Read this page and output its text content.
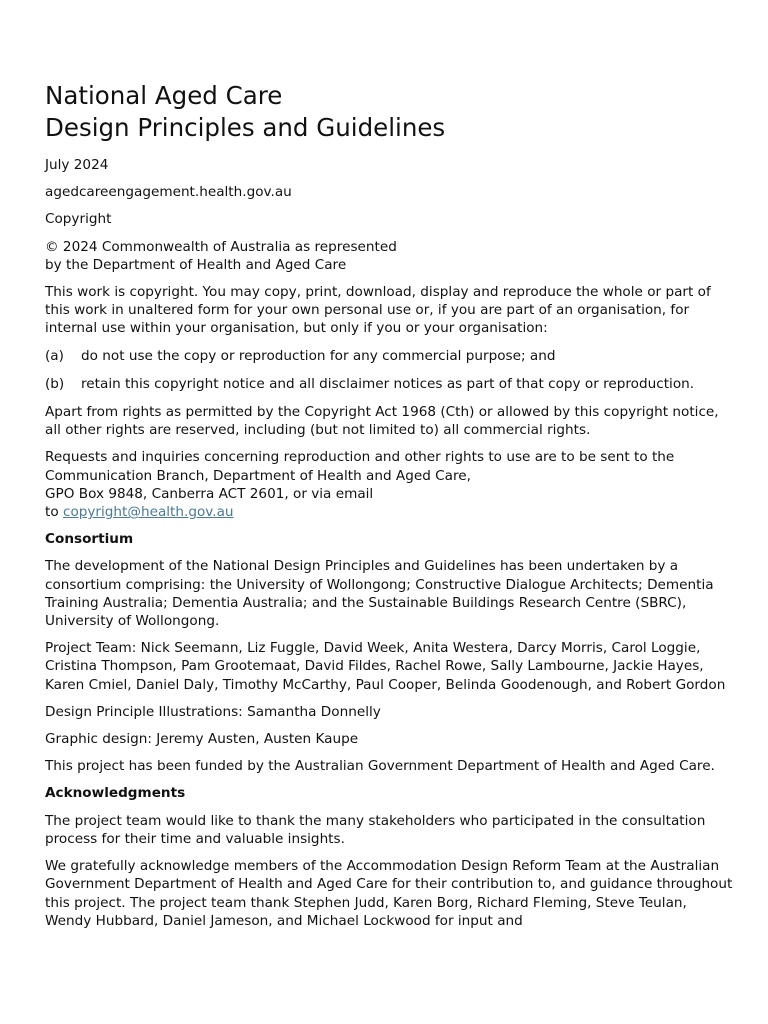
National Aged Care
Design Principles and Guidelines

July 2024

agedcareengagement.health.gov.au

Copyright

© 2024 Commonwealth of Australia as represented
by the Department of Health and Aged Care

This work is copyright. You may copy, print, download, display and reproduce the whole or part of this work in unaltered form for your own personal use or, if you are part of an organisation, for internal use within your organisation, but only if you or your organisation:

(a)	do not use the copy or reproduction for any commercial purpose; and
(b)	retain this copyright notice and all disclaimer notices as part of that copy or reproduction.

Apart from rights as permitted by the Copyright Act 1968 (Cth) or allowed by this copyright notice, all other rights are reserved, including (but not limited to) all commercial rights.

Requests and inquiries concerning reproduction and other rights to use are to be sent to the
Communication Branch, Department of Health and Aged Care,
GPO Box 9848, Canberra ACT 2601, or via email
to copyright@health.gov.au

Consortium

The development of the National Design Principles and Guidelines has been undertaken by a consortium comprising: the University of Wollongong; Constructive Dialogue Architects; Dementia Training Australia; Dementia Australia; and the Sustainable Buildings Research Centre (SBRC), University of Wollongong.

Project Team: Nick Seemann, Liz Fuggle, David Week, Anita Westera, Darcy Morris, Carol Loggie, Cristina Thompson, Pam Grootemaat, David Fildes, Rachel Rowe, Sally Lambourne, Jackie Hayes, Karen Cmiel, Daniel Daly, Timothy McCarthy, Paul Cooper, Belinda Goodenough, and Robert Gordon

Design Principle Illustrations: Samantha Donnelly

Graphic design: Jeremy Austen, Austen Kaupe

This project has been funded by the Australian Government Department of Health and Aged Care.

Acknowledgments

The project team would like to thank the many stakeholders who participated in the consultation process for their time and valuable insights.

We gratefully acknowledge members of the Accommodation Design Reform Team at the Australian Government Department of Health and Aged Care for their contribution to, and guidance throughout this project. The project team thank Stephen Judd, Karen Borg, Richard Fleming, Steve Teulan, Wendy Hubbard, Daniel Jameson, and Michael Lockwood for input and
